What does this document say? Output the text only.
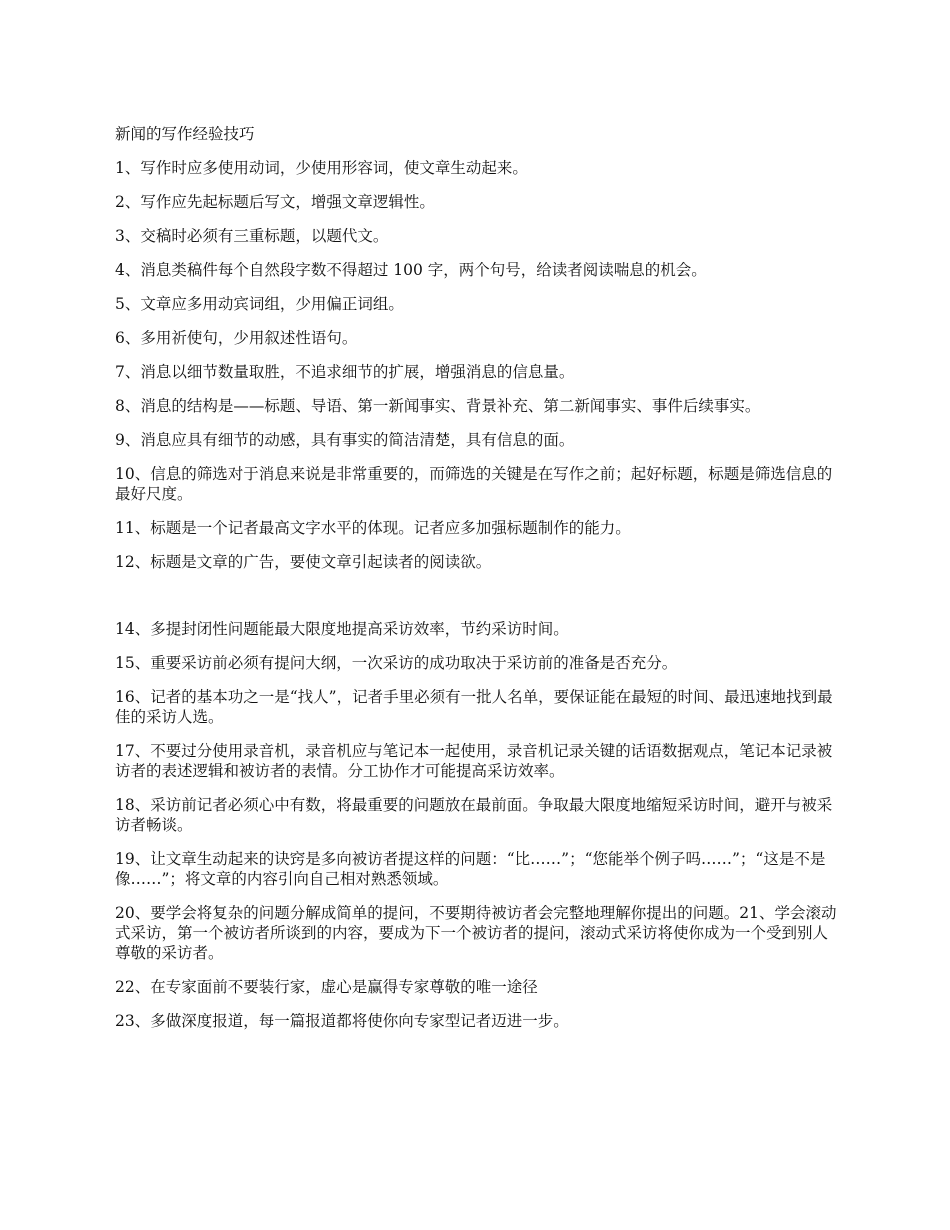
新闻的写作经验技巧

1、写作时应多使用动词，少使用形容词，使文章生动起来。

2、写作应先起标题后写文，增强文章逻辑性。

3、交稿时必须有三重标题，以题代文。

4、消息类稿件每个自然段字数不得超过 100 字，两个句号，给读者阅读喘息的机会。

5、文章应多用动宾词组，少用偏正词组。

6、多用祈使句，少用叙述性语句。

7、消息以细节数量取胜，不追求细节的扩展，增强消息的信息量。

8、消息的结构是——标题、导语、第一新闻事实、背景补充、第二新闻事实、事件后续事实。

9、消息应具有细节的动感，具有事实的简洁清楚，具有信息的面。

10、信息的筛选对于消息来说是非常重要的，而筛选的关键是在写作之前；起好标题，标题是筛选信息的最好尺度。

11、标题是一个记者最高文字水平的体现。记者应多加强标题制作的能力。

12、标题是文章的广告，要使文章引起读者的阅读欲。

14、多提封闭性问题能最大限度地提高采访效率，节约采访时间。

15、重要采访前必须有提问大纲，一次采访的成功取决于采访前的准备是否充分。

16、记者的基本功之一是“找人”，记者手里必须有一批人名单，要保证能在最短的时间、最迅速地找到最佳的采访人选。

17、不要过分使用录音机，录音机应与笔记本一起使用，录音机记录关键的话语数据观点，笔记本记录被访者的表述逻辑和被访者的表情。分工协作才可能提高采访效率。

18、采访前记者必须心中有数，将最重要的问题放在最前面。争取最大限度地缩短采访时间，避开与被采访者畅谈。

19、让文章生动起来的诀窍是多向被访者提这样的问题：“比……”；“您能举个例子吗……”；“这是不是像……”；将文章的内容引向自己相对熟悉领域。

20、要学会将复杂的问题分解成简单的提问，不要期待被访者会完整地理解你提出的问题。21、学会滚动式采访，第一个被访者所谈到的内容，要成为下一个被访者的提问，滚动式采访将使你成为一个受到别人尊敬的采访者。

22、在专家面前不要装行家，虚心是赢得专家尊敬的唯一途径

23、多做深度报道，每一篇报道都将使你向专家型记者迈进一步。
